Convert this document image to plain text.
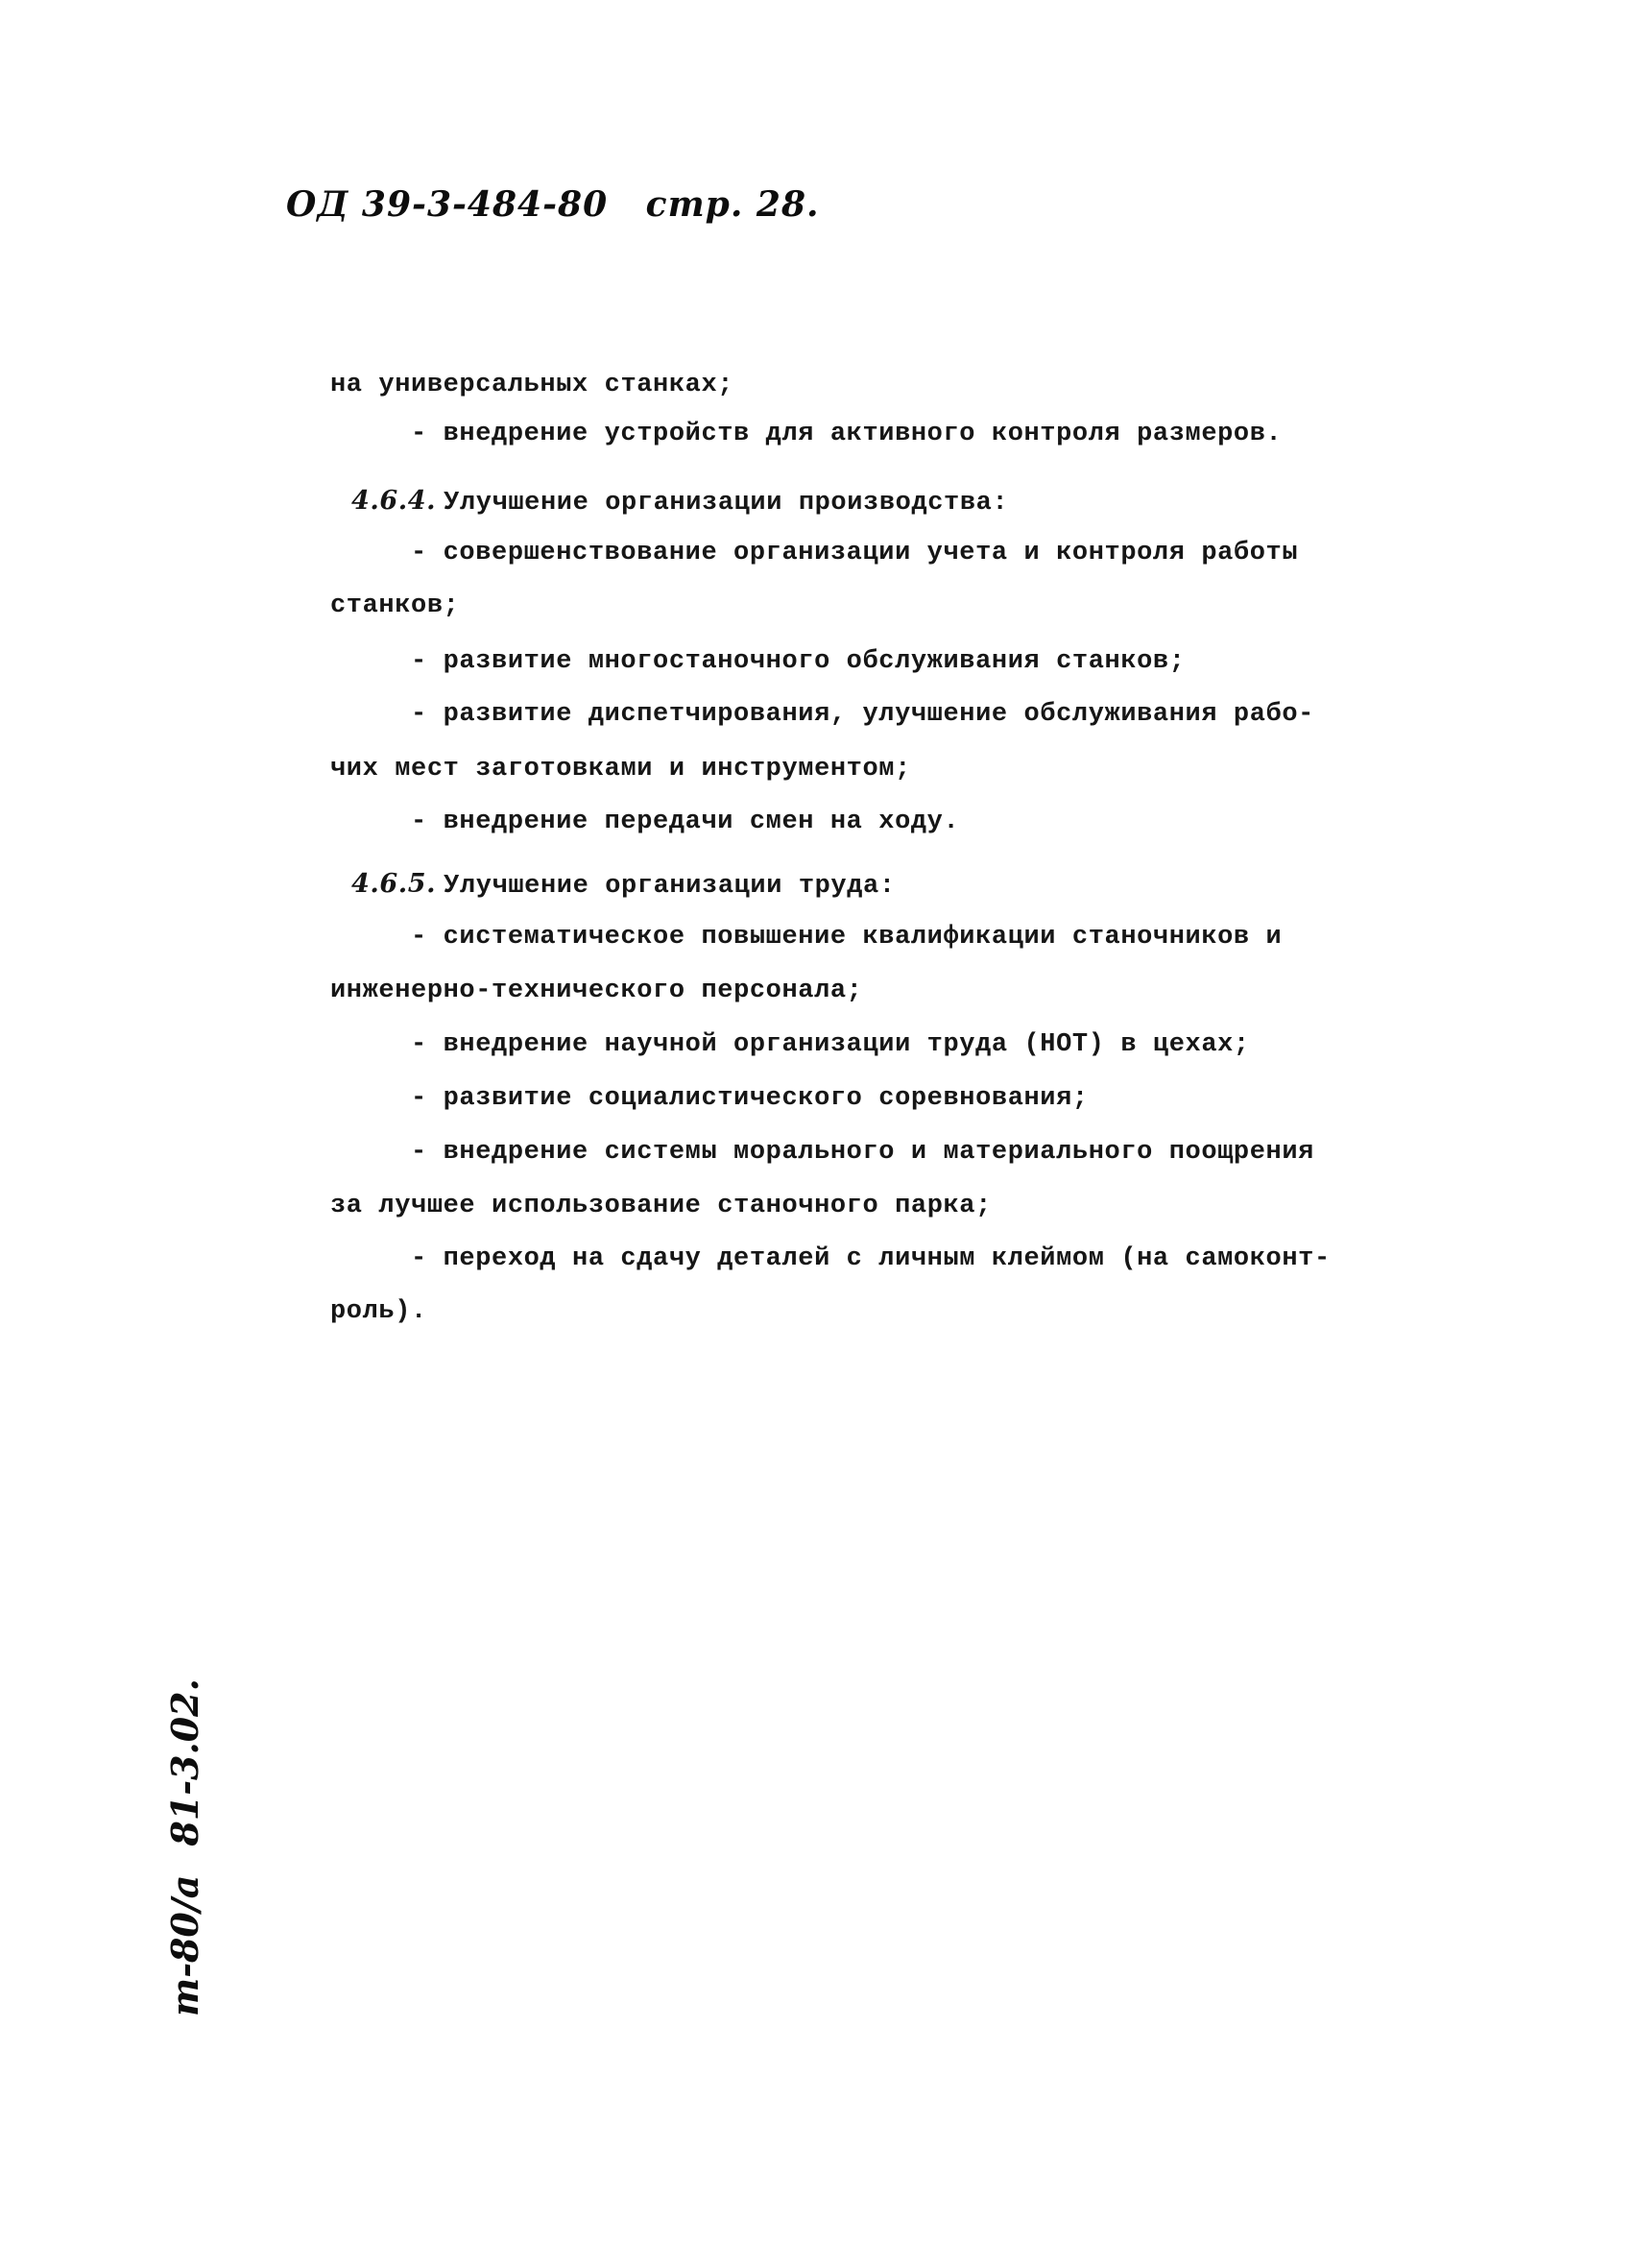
ОД 39-3-484-80 стр. 28.
на универсальных станках;
- внедрение устройств для активного контроля размеров.
4.6.4. Улучшение организации производства:
- совершенствование организации учета и контроля работы
станков;
- развитие многостаночного обслуживания станков;
- развитие диспетчирования, улучшение обслуживания рабо-
чих мест заготовками и инструментом;
- внедрение передачи смен на ходу.
4.6.5. Улучшение организации труда:
- систематическое повышение квалификации станочников и
инженерно-технического персонала;
- внедрение научной организации труда (НОТ) в цехах;
- развитие социалистического соревнования;
- внедрение системы морального и материального поощрения
за лучшее использование станочного парка;
- переход на сдачу деталей с личным клеймом (на самоконт-
роль).
т-80/а81-3.02.
